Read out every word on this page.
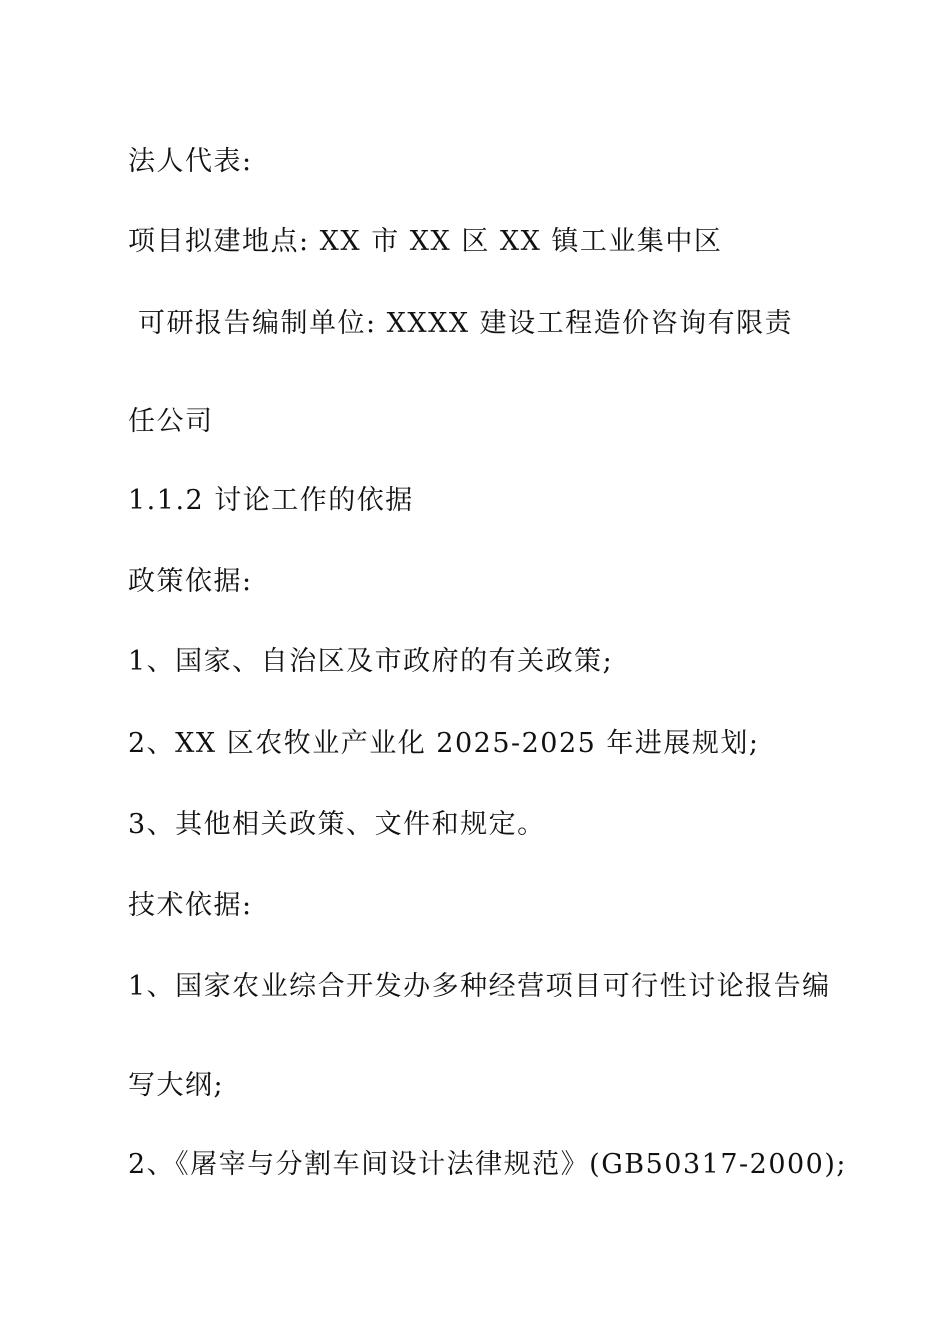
法人代表:
项目拟建地点: XX 市 XX 区 XX 镇工业集中区
可研报告编制单位: XXXX 建设工程造价咨询有限责
任公司
1.1.2 讨论工作的依据
政策依据:
1、国家、自治区及市政府的有关政策;
2、XX 区农牧业产业化 2025-2025 年进展规划;
3、其他相关政策、文件和规定。
技术依据:
1、国家农业综合开发办多种经营项目可行性讨论报告编
写大纲;
2、《屠宰与分割车间设计法律规范》(GB50317-2000);
